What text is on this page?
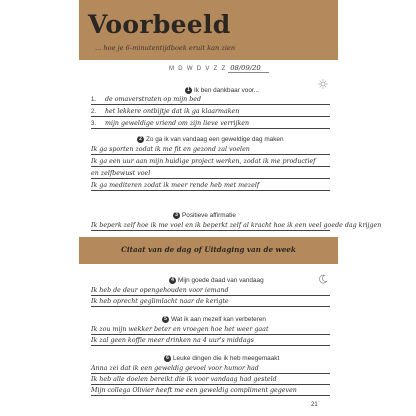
Voorbeeld
... hoe je 6-minutentijdboek eruit kan zien
M D W D V Z Z 08/09/20
1 Ik ben dankbaar voor...
1. de omaverstraten op mijn bed
2. het lekkere ontbijtje dat ik ga klaarmaken
3. mijn geweldige vriend om zijn lieve verrijken
2 Zo ga ik van vandaag een geweldige dag maken
Ik ga sporten zodat ik me fit en gezond zal voelen
Ik ga een uur aan mijn huidige project werken, zodat ik me productief
en zelfbewust voel
Ik ga mediteren zodat ik meer rende heb met mezelf
3 Positieve affirmatie
Ik beperk zelf hoe ik me voel en ik beperkt zelf al kracht hoe ik een veel goede dag krijgen
Citaat van de dag of Uitdaging van de week
4 Mijn goede daad van vandaag
Ik heb de deur opengehouden voor iemand
Ik heb oprecht geglimlacht naar de kerigte
5 Wat ik aan mezelf kan verbeteren
Ik zou mijn wekker beter en vroegen hoe het weer gaat
Ik zal geen koffie meer drinken na 4 uur's middags
6 Leuke dingen die ik heb meegemaakt
Anna zei dat ik een geweldig gevoel voor humor had
Ik heb alle doelen bereikt die ik voor vandaag had gesteld
Mijn collega Olivier heeft me een geweldig compliment gegeven
21
